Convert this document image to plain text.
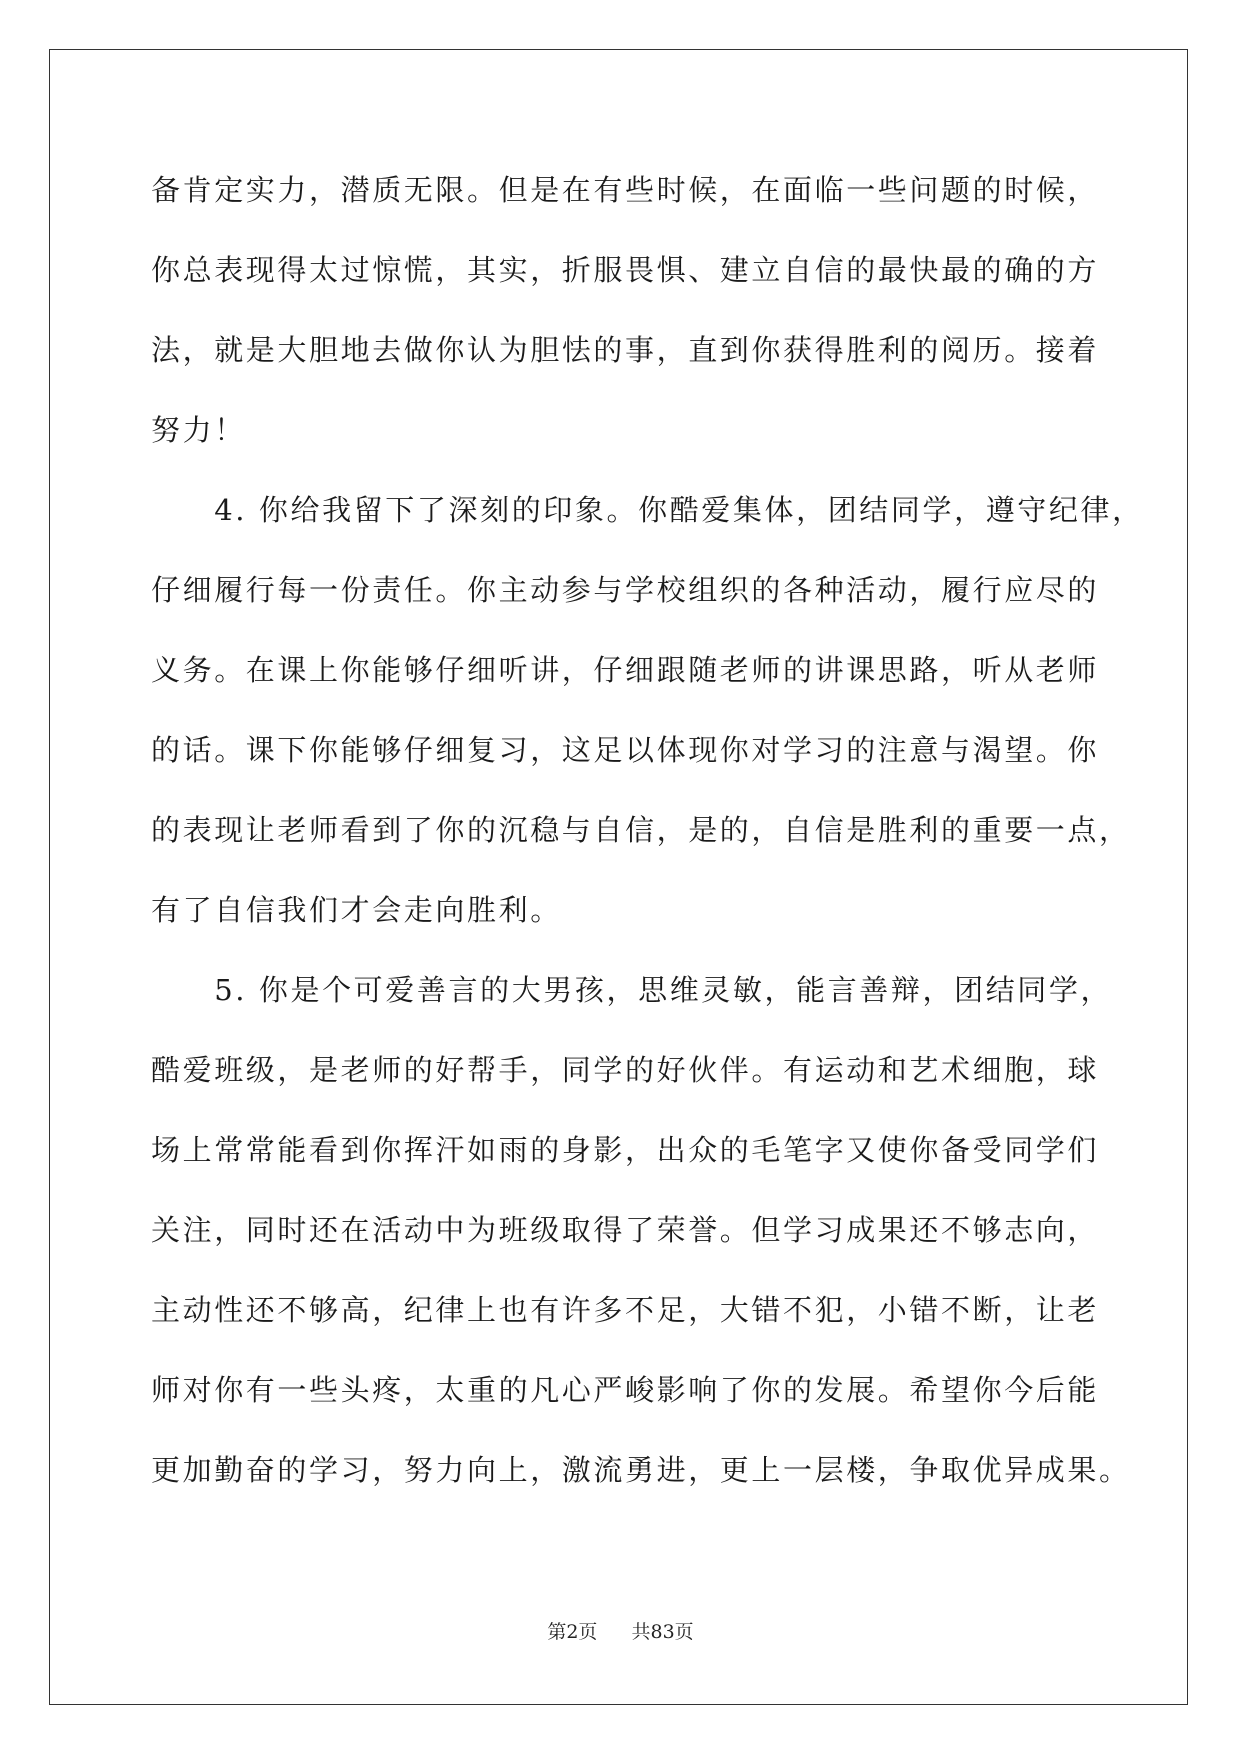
备肯定实力，潜质无限。但是在有些时候，在面临一些问题的时候，
你总表现得太过惊慌，其实，折服畏惧、建立自信的最快最的确的方
法，就是大胆地去做你认为胆怯的事，直到你获得胜利的阅历。接着
努力！
　　4. 你给我留下了深刻的印象。你酷爱集体，团结同学，遵守纪律，
仔细履行每一份责任。你主动参与学校组织的各种活动，履行应尽的
义务。在课上你能够仔细听讲，仔细跟随老师的讲课思路，听从老师
的话。课下你能够仔细复习，这足以体现你对学习的注意与渴望。你
的表现让老师看到了你的沉稳与自信，是的，自信是胜利的重要一点，
有了自信我们才会走向胜利。
　　5. 你是个可爱善言的大男孩，思维灵敏，能言善辩，团结同学，
酷爱班级，是老师的好帮手，同学的好伙伴。有运动和艺术细胞，球
场上常常能看到你挥汗如雨的身影，出众的毛笔字又使你备受同学们
关注，同时还在活动中为班级取得了荣誉。但学习成果还不够志向，
主动性还不够高，纪律上也有许多不足，大错不犯，小错不断，让老
师对你有一些头疼，太重的凡心严峻影响了你的发展。希望你今后能
更加勤奋的学习，努力向上，激流勇进，更上一层楼，争取优异成果。
第2页 共83页
